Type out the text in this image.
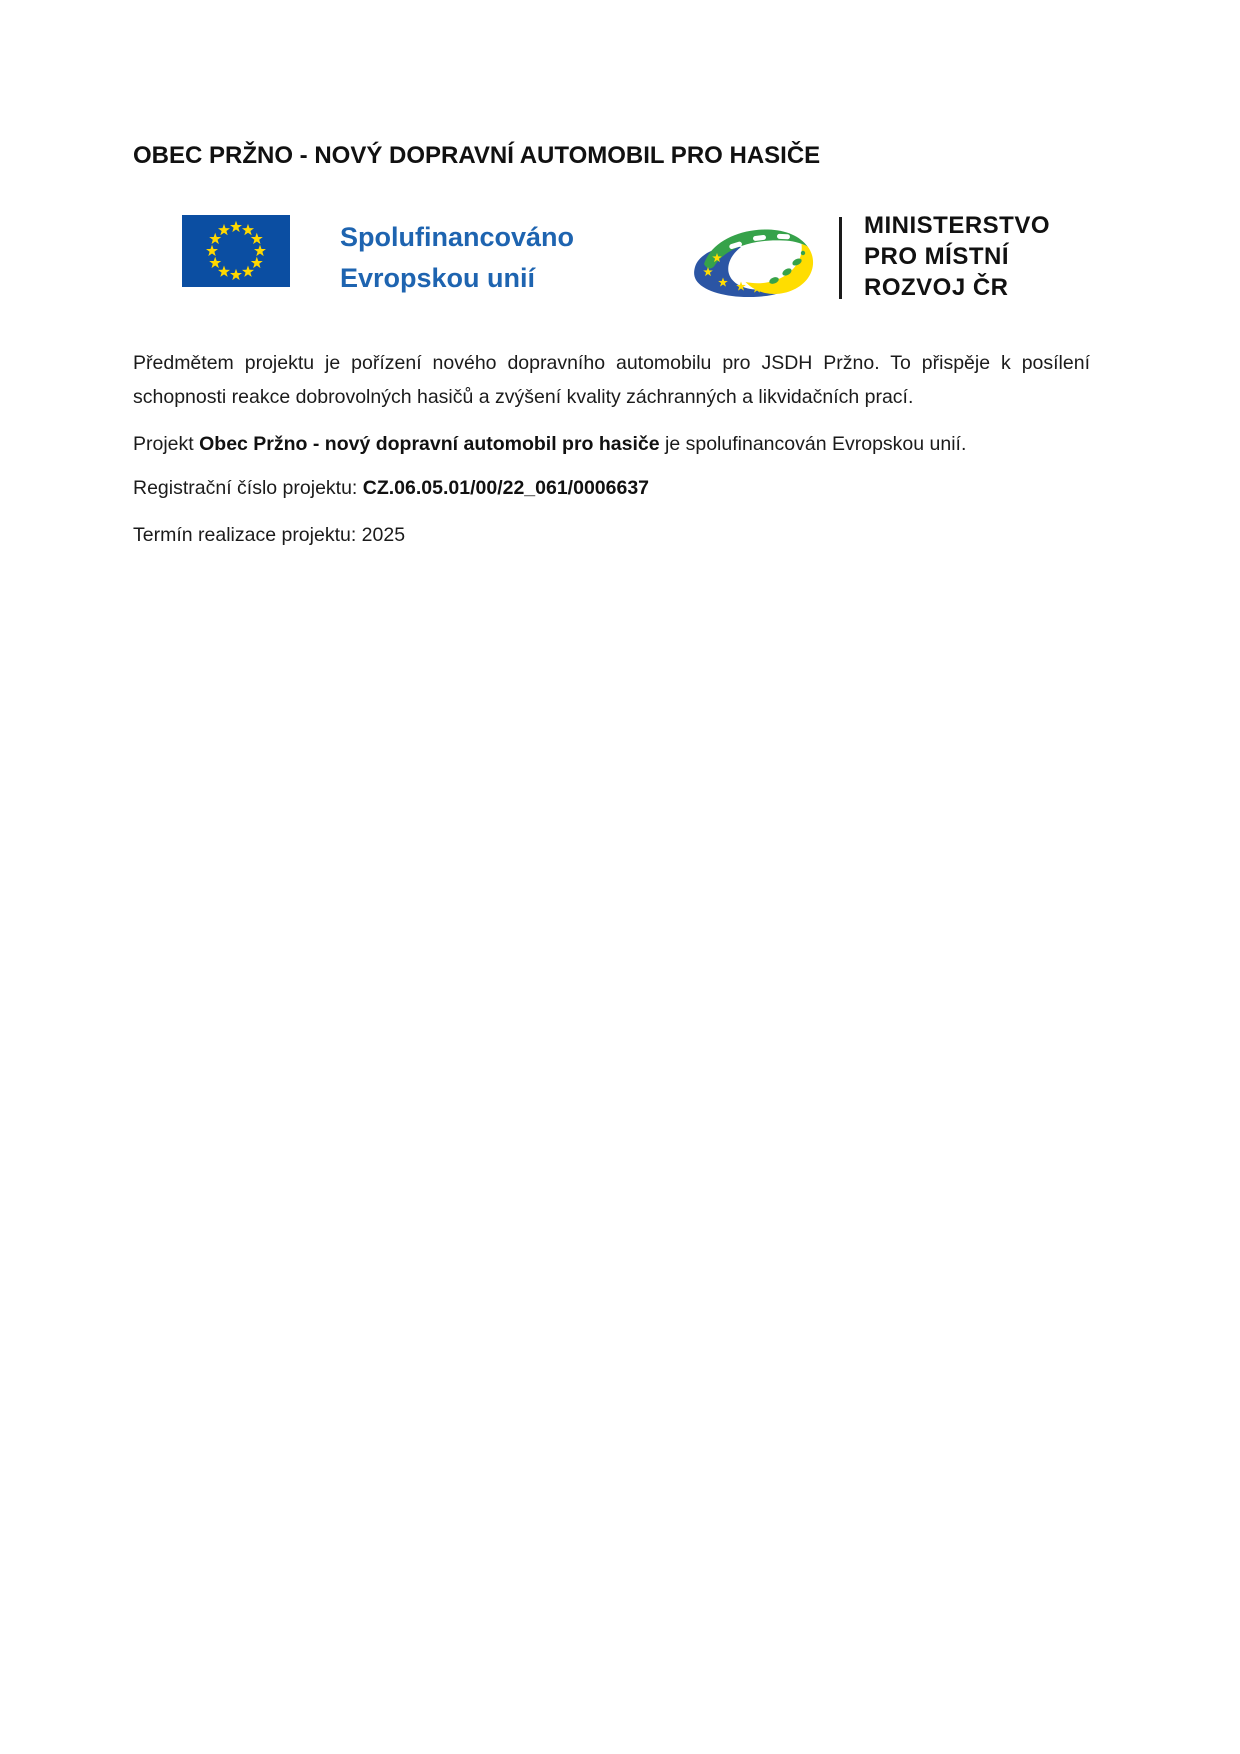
OBEC PRŽNO - NOVÝ DOPRAVNÍ AUTOMOBIL PRO HASIČE
Spolufinancováno
Evropskou unií
MINISTERSTVO
PRO MÍSTNÍ
ROZVOJ ČR

Předmětem projektu je pořízení nového dopravního automobilu pro JSDH Pržno. To přispěje k posílení schopnosti reakce dobrovolných hasičů a zvýšení kvality záchranných a likvidačních prací.

Projekt Obec Pržno - nový dopravní automobil pro hasiče je spolufinancován Evropskou unií.

Registrační číslo projektu: CZ.06.05.01/00/22_061/0006637

Termín realizace projektu: 2025
